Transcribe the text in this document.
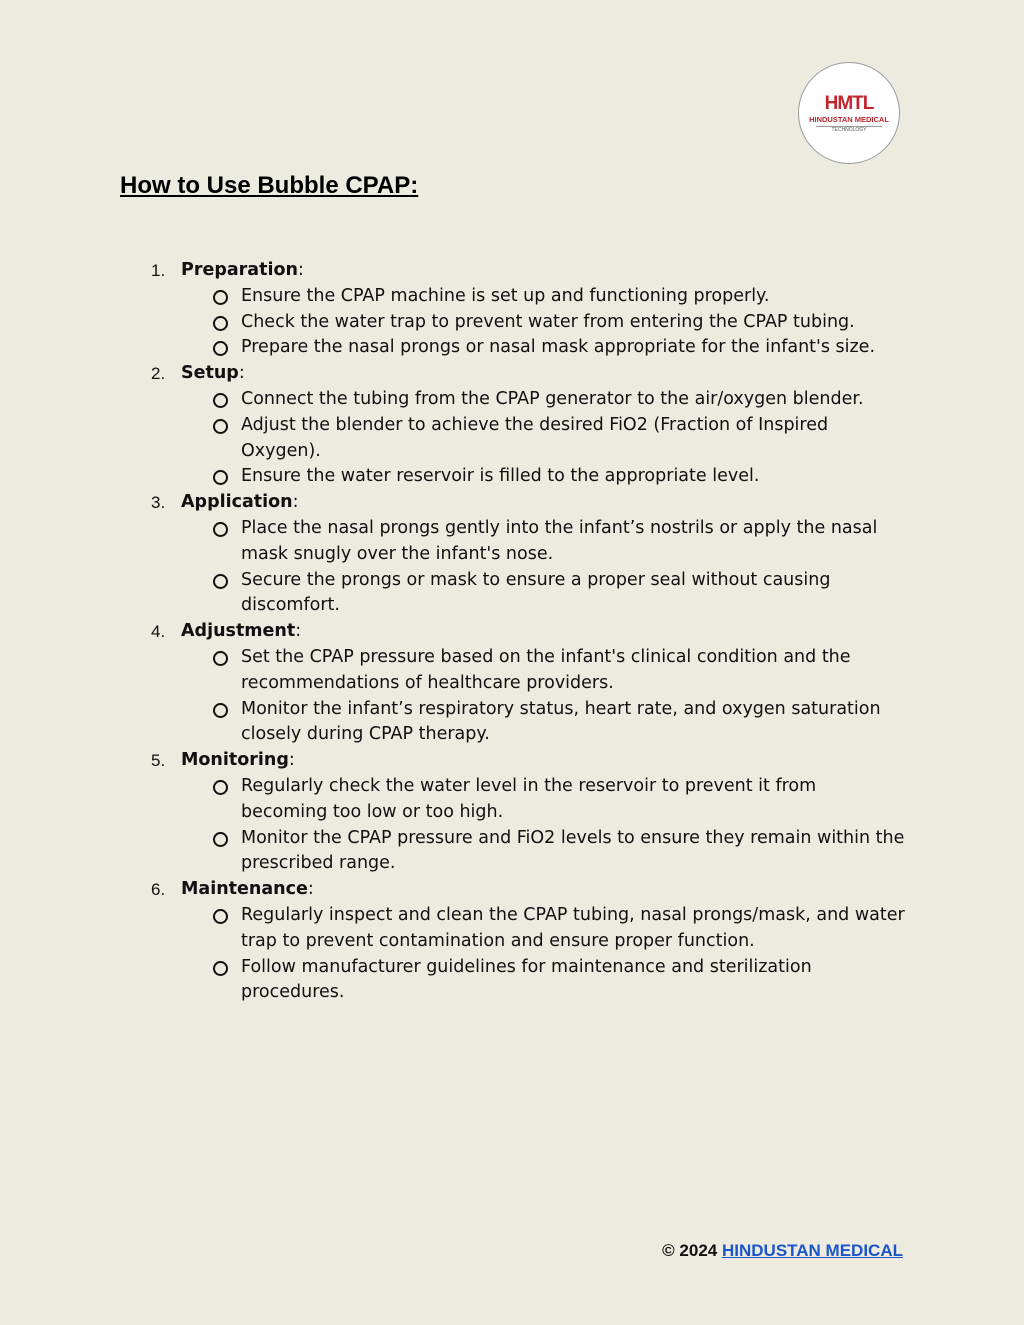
HMTL
HINDUSTAN MEDICAL
TECHNOLOGY
How to Use Bubble CPAP:
1. Preparation:
Ensure the CPAP machine is set up and functioning properly.
Check the water trap to prevent water from entering the CPAP tubing.
Prepare the nasal prongs or nasal mask appropriate for the infant's size.
2. Setup:
Connect the tubing from the CPAP generator to the air/oxygen blender.
Adjust the blender to achieve the desired FiO2 (Fraction of Inspired Oxygen).
Ensure the water reservoir is filled to the appropriate level.
3. Application:
Place the nasal prongs gently into the infant’s nostrils or apply the nasal mask snugly over the infant's nose.
Secure the prongs or mask to ensure a proper seal without causing discomfort.
4. Adjustment:
Set the CPAP pressure based on the infant's clinical condition and the recommendations of healthcare providers.
Monitor the infant’s respiratory status, heart rate, and oxygen saturation closely during CPAP therapy.
5. Monitoring:
Regularly check the water level in the reservoir to prevent it from becoming too low or too high.
Monitor the CPAP pressure and FiO2 levels to ensure they remain within the prescribed range.
6. Maintenance:
Regularly inspect and clean the CPAP tubing, nasal prongs/mask, and water trap to prevent contamination and ensure proper function.
Follow manufacturer guidelines for maintenance and sterilization procedures.
© 2024 HINDUSTAN MEDICAL
